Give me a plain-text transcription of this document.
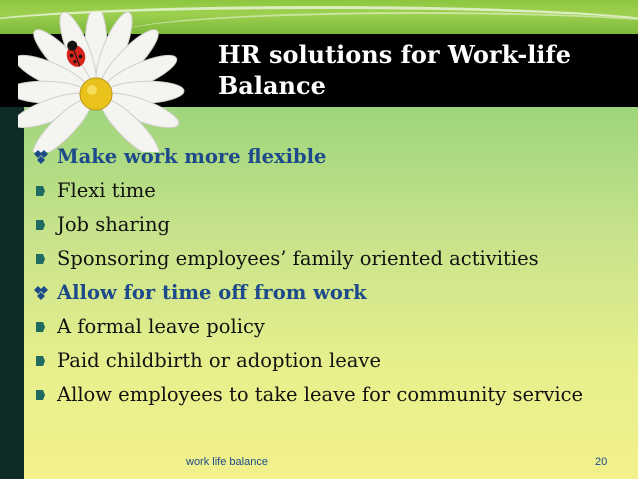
HR solutions for Work-life
Balance
Make work more flexible
Flexi time
Job sharing
Sponsoring employees’ family oriented activities
Allow for time off from work
A formal leave policy
Paid childbirth or adoption leave
Allow employees to take leave for community service
work life balance	20
